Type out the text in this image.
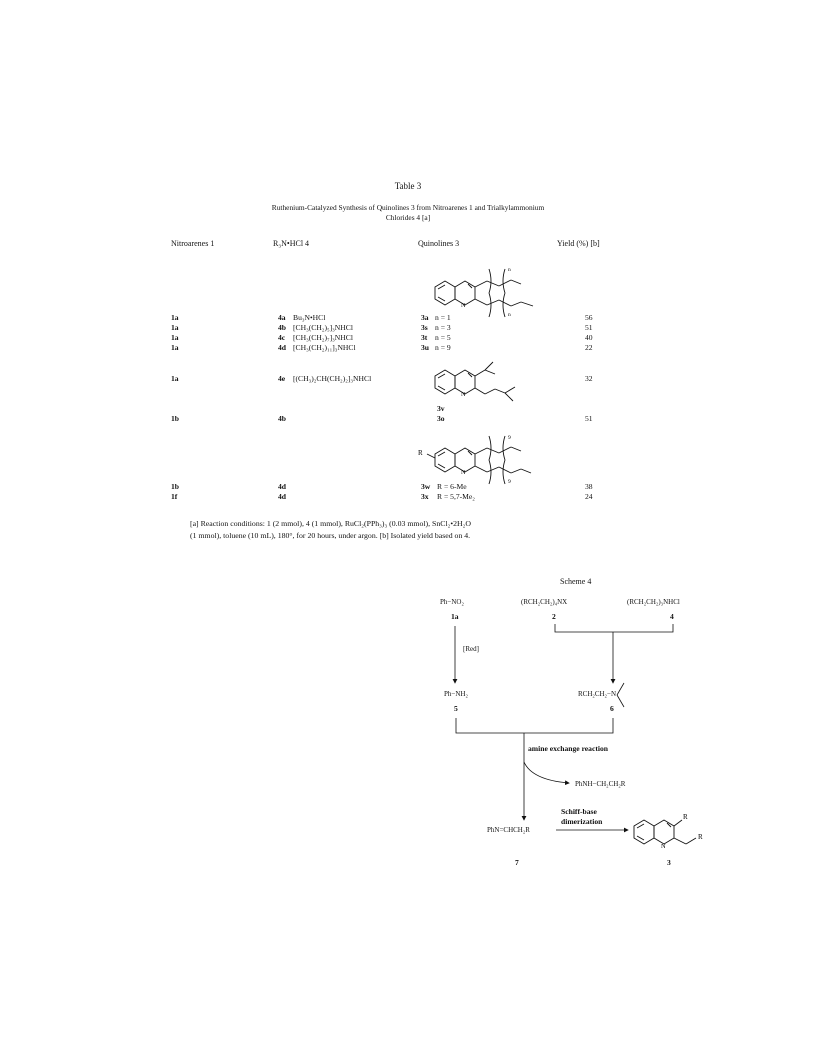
Table 3
Ruthenium-Catalyzed Synthesis of Quinolines 3 from Nitroarenes 1 and Trialkylammonium
Chlorides 4 [a]
Nitroarenes 1	R₃N•HCl 4	Quinolines 3	Yield (%) [b]
N
n
n
1a	4a Bu₃N•HCl	3a n = 1	56
1a	4b [CH₃(CH₂)₅]₃NHCl	3s n = 3	51
1a	4c [CH₃(CH₂)₇]₃NHCl	3t n = 5	40
1a	4d [CH₃(CH₂)₁₁]₃NHCl	3u n = 9	22
1a	4e [(CH₃)₂CH(CH₂)₂]₃NHCl	32
N
3v
1b	4b	3o	51
R
N
9
9
1b	4d	3w R = 6-Me	38
1f	4d	3x R = 5,7-Me₂	24
[a] Reaction conditions: 1 (2 mmol), 4 (1 mmol), RuCl₂(PPh₃)₃ (0.03 mmol), SnCl₂•2H₂O
(1 mmol), toluene (10 mL), 180°, for 20 hours, under argon. [b] Isolated yield based on 4.
Scheme 4
Ph−NO₂	(RCH₂CH₂)₄NX	(RCH₂CH₂)₃NHCl
1a	2	4
[Red]
Ph−NH₂	RCH₂CH₂−N
5	6
amine exchange reaction
PhNH−CH₂CH₂R
Schiff-base
dimerization
PhN=CHCH₂R
7	3
R
R
N
